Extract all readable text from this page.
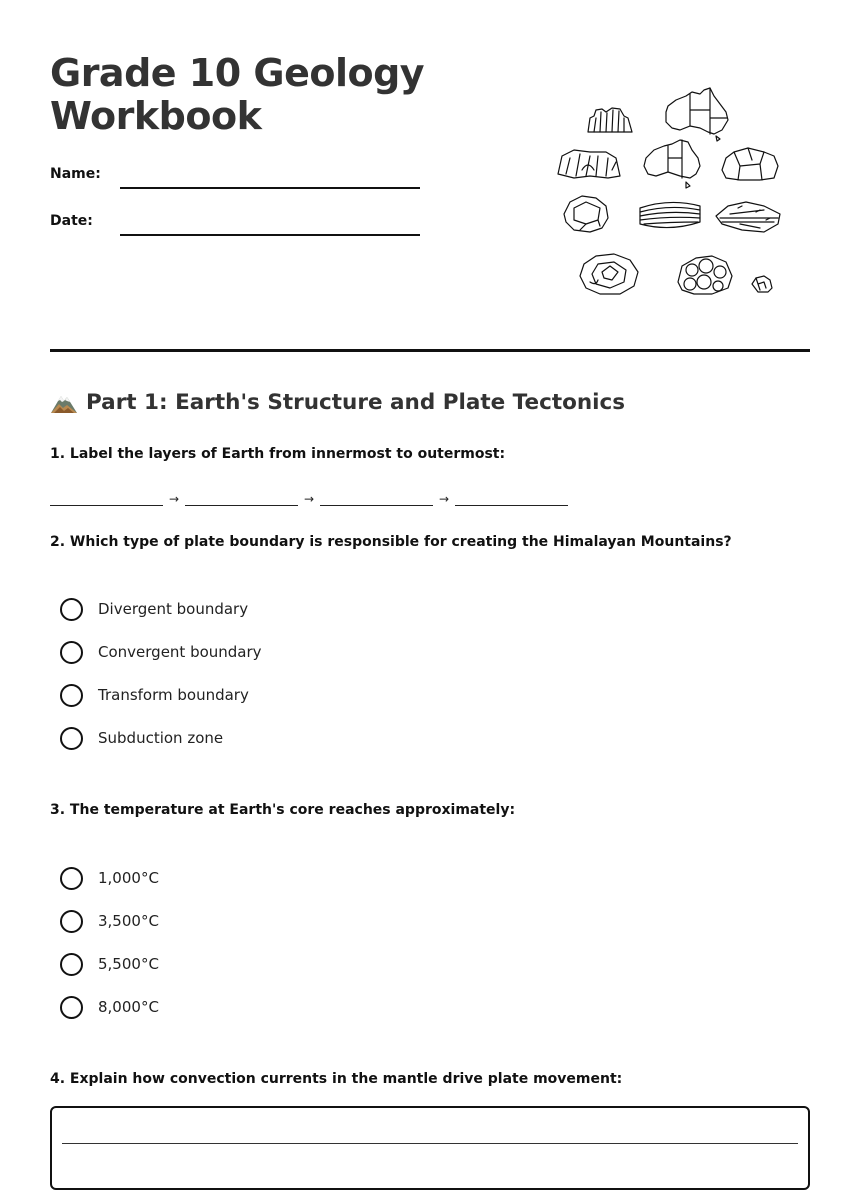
Grade 10 Geology
Workbook
Name:
Date:
Part 1: Earth's Structure and Plate Tectonics

1. Label the layers of Earth from innermost to outermost:

→	→	→

2. Which type of plate boundary is responsible for creating the Himalayan Mountains?

Divergent boundary
Convergent boundary
Transform boundary
Subduction zone

3. The temperature at Earth's core reaches approximately:

1,000°C
3,500°C
5,500°C
8,000°C

4. Explain how convection currents in the mantle drive plate movement:
